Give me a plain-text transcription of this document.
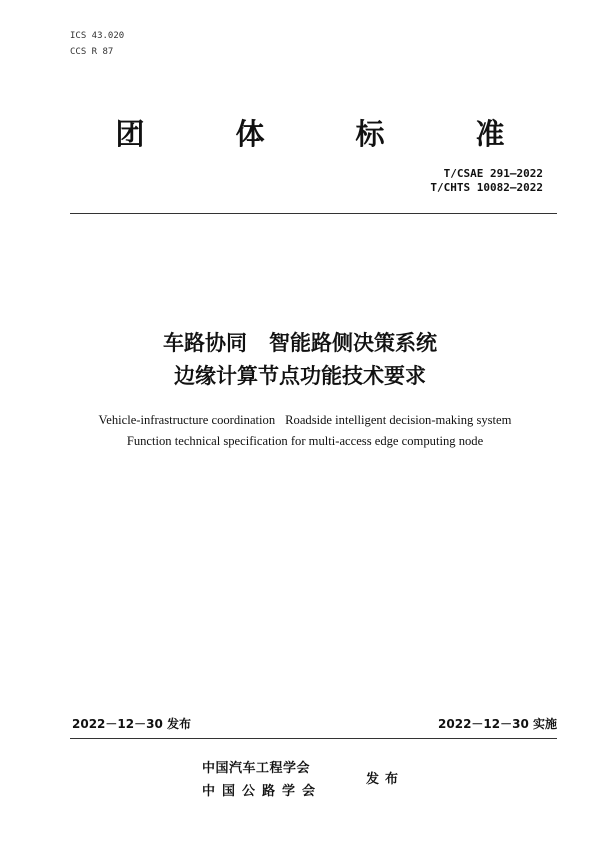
ICS 43.020
CCS R 87
团	体	标	准
T/CSAE 291—2022
T/CHTS 10082—2022
车路协同 智能路侧决策系统
边缘计算节点功能技术要求
Vehicle-infrastructure coordination Roadside intelligent decision-making system
Function technical specification for multi-access edge computing node
2022－12－30 发布	2022－12－30 实施
中国汽车工程学会
中国公路学会
发布
